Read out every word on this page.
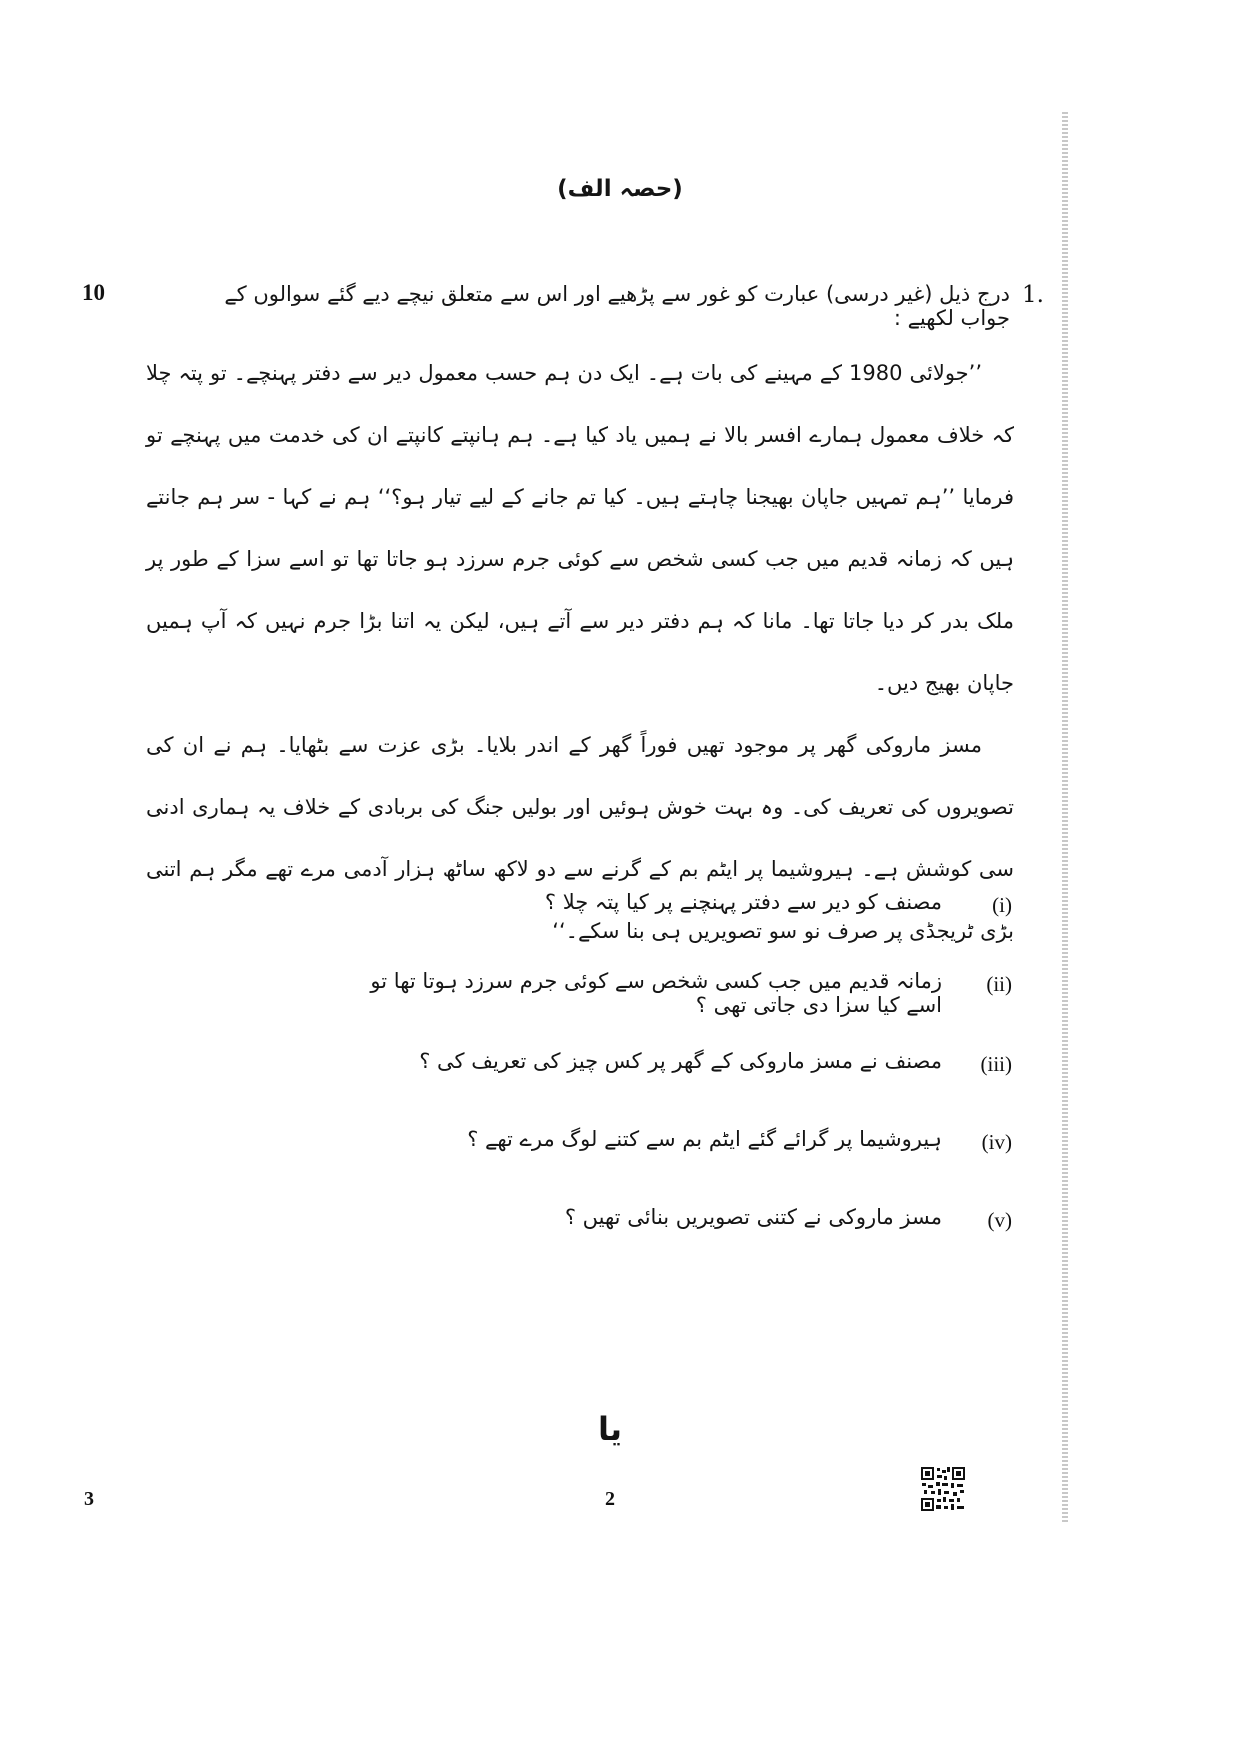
(حصہ الف)
1.
درج ذیل (غیر درسی) عبارت کو غور سے پڑھیے اور اس سے متعلق نیچے دیے گئے سوالوں کے جواب لکھیے :
10

’’جولائی 1980 کے مہینے کی بات ہے۔ ایک دن ہم حسب معمول دیر سے دفتر پہنچے۔ تو پتہ چلا کہ خلاف معمول ہمارے افسر بالا نے ہمیں یاد کیا ہے۔ ہم ہانپتے کانپتے ان کی خدمت میں پہنچے تو فرمایا ’’ہم تمہیں جاپان بھیجنا چاہتے ہیں۔ کیا تم جانے کے لیے تیار ہو؟‘‘ ہم نے کہا - سر ہم جانتے ہیں کہ زمانہ قدیم میں جب کسی شخص سے کوئی جرم سرزد ہو جاتا تھا تو اسے سزا کے طور پر ملک بدر کر دیا جاتا تھا۔ مانا کہ ہم دفتر دیر سے آتے ہیں، لیکن یہ اتنا بڑا جرم نہیں کہ آپ ہمیں جاپان بھیج دیں۔

مسز ماروکی گھر پر موجود تھیں فوراً گھر کے اندر بلایا۔ بڑی عزت سے بٹھایا۔ ہم نے ان کی تصویروں کی تعریف کی۔ وہ بہت خوش ہوئیں اور بولیں جنگ کی بربادی کے خلاف یہ ہماری ادنی سی کوشش ہے۔ ہیروشیما پر ایٹم بم کے گرنے سے دو لاکھ ساٹھ ہزار آدمی مرے تھے مگر ہم اتنی بڑی ٹریجڈی پر صرف نو سو تصویریں ہی بنا سکے۔‘‘

(i)
مصنف کو دیر سے دفتر پہنچنے پر کیا پتہ چلا ؟
(ii)
زمانہ قدیم میں جب کسی شخص سے کوئی جرم سرزد ہوتا تھا تو اسے کیا سزا دی جاتی تھی ؟
(iii)
مصنف نے مسز ماروکی کے گھر پر کس چیز کی تعریف کی ؟
(iv)
ہیروشیما پر گرائے گئے ایٹم بم سے کتنے لوگ مرے تھے ؟
(v)
مسز ماروکی نے کتنی تصویریں بنائی تھیں ؟
یا
2
3
